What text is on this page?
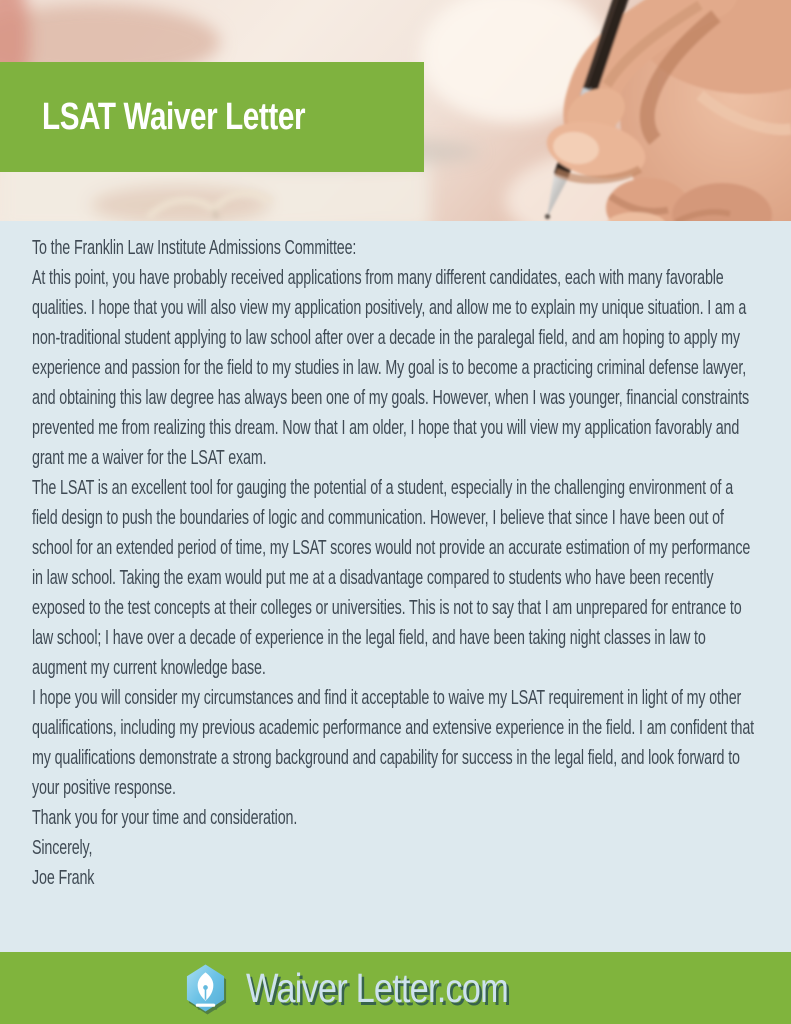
LSAT Waiver Letter

To the Franklin Law Institute Admissions Committee:

At this point, you have probably received applications from many different candidates, each with many favorable qualities. I hope that you will also view my application positively, and allow me to explain my unique situation. I am a non-traditional student applying to law school after over a decade in the paralegal field, and am hoping to apply my experience and passion for the field to my studies in law. My goal is to become a practicing criminal defense lawyer, and obtaining this law degree has always been one of my goals. However, when I was younger, financial constraints prevented me from realizing this dream. Now that I am older, I hope that you will view my application favorably and grant me a waiver for the LSAT exam.

The LSAT is an excellent tool for gauging the potential of a student, especially in the challenging environment of a field design to push the boundaries of logic and communication. However, I believe that since I have been out of school for an extended period of time, my LSAT scores would not provide an accurate estimation of my performance in law school. Taking the exam would put me at a disadvantage compared to students who have been recently exposed to the test concepts at their colleges or universities. This is not to say that I am unprepared for entrance to law school; I have over a decade of experience in the legal field, and have been taking night classes in law to augment my current knowledge base.

I hope you will consider my circumstances and find it acceptable to waive my LSAT requirement in light of my other qualifications, including my previous academic performance and extensive experience in the field. I am confident that my qualifications demonstrate a strong background and capability for success in the legal field, and look forward to your positive response.

Thank you for your time and consideration.

Sincerely,

Joe Frank

Waiver Letter.com
